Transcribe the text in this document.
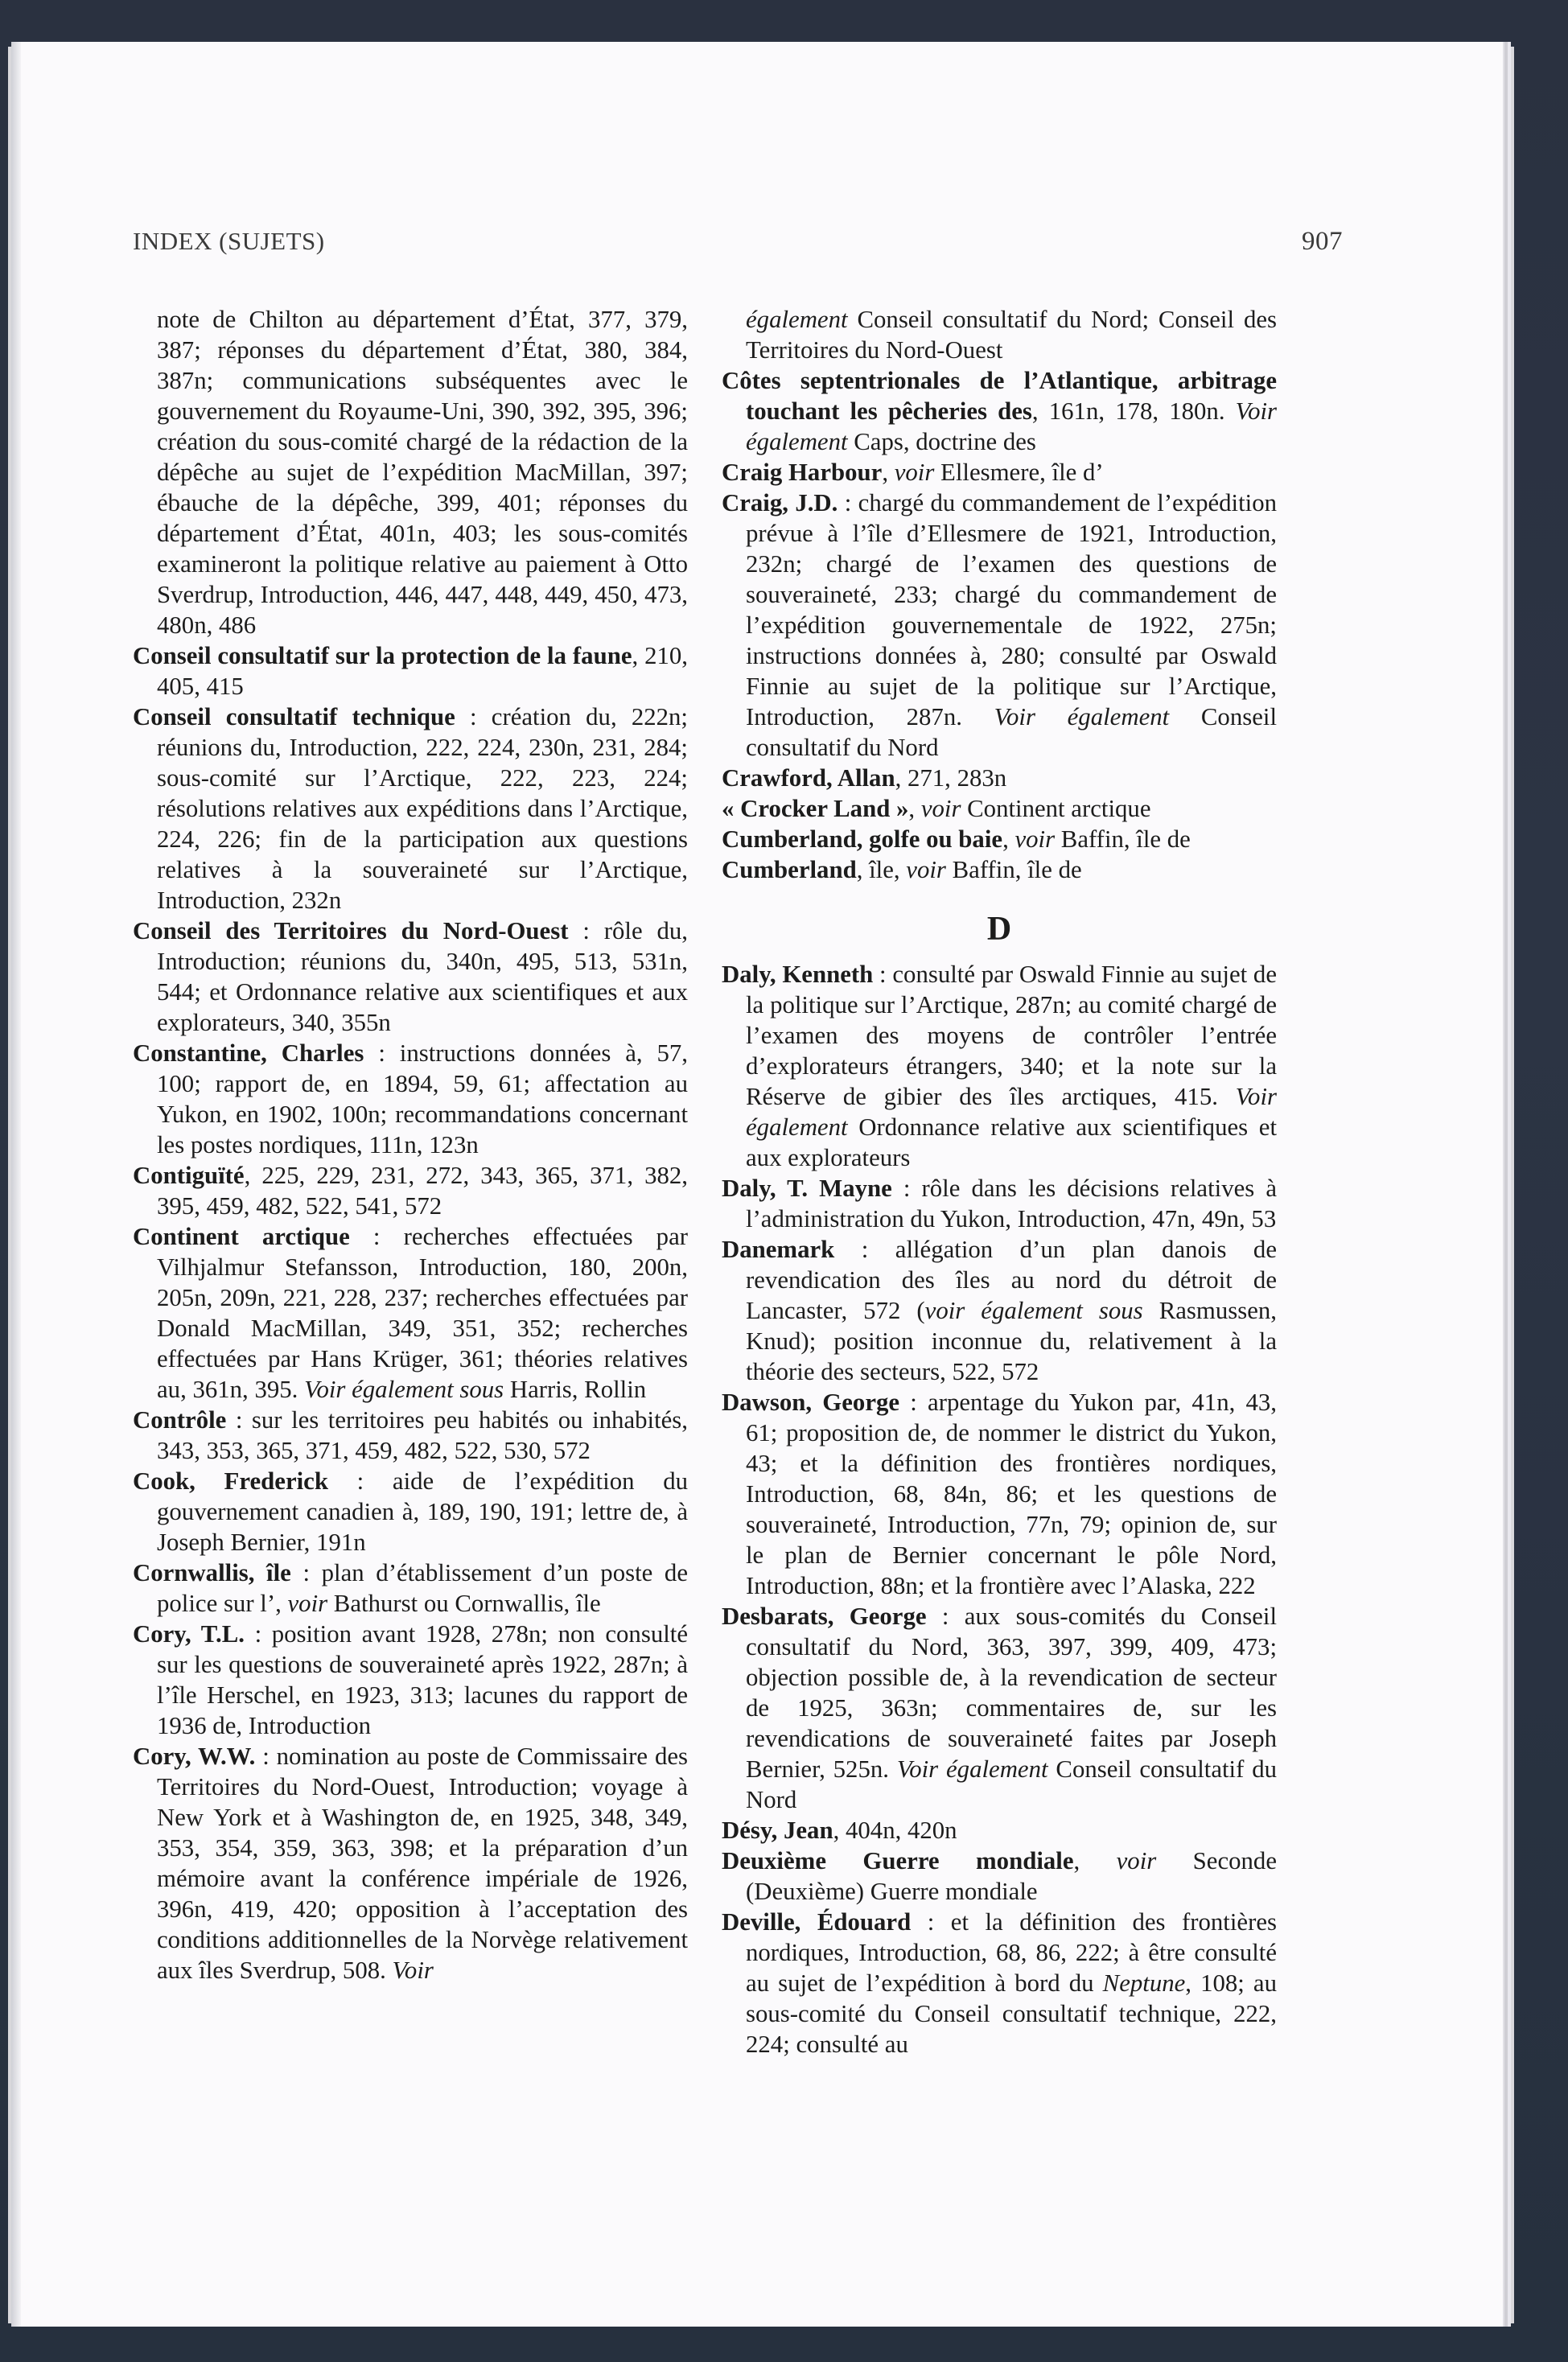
INDEX (SUJETS)	907
note de Chilton au département d’État, 377, 379, 387; réponses du département d’État, 380, 384, 387n; communications subséquentes avec le gouvernement du Royaume-Uni, 390, 392, 395, 396; création du sous-comité chargé de la rédaction de la dépêche au sujet de l’expédition MacMillan, 397; ébauche de la dépêche, 399, 401; réponses du département d’État, 401n, 403; les sous-comités examineront la politique relative au paiement à Otto Sverdrup, Introduction, 446, 447, 448, 449, 450, 473, 480n, 486
Conseil consultatif sur la protection de la faune, 210, 405, 415
Conseil consultatif technique : création du, 222n; réunions du, Introduction, 222, 224, 230n, 231, 284; sous-comité sur l’Arctique, 222, 223, 224; résolutions relatives aux expéditions dans l’Arctique, 224, 226; fin de la participation aux questions relatives à la souveraineté sur l’Arctique, Introduction, 232n
Conseil des Territoires du Nord-Ouest : rôle du, Introduction; réunions du, 340n, 495, 513, 531n, 544; et Ordonnance relative aux scientifiques et aux explorateurs, 340, 355n
Constantine, Charles : instructions données à, 57, 100; rapport de, en 1894, 59, 61; affectation au Yukon, en 1902, 100n; recommandations concernant les postes nordiques, 111n, 123n
Contiguïté, 225, 229, 231, 272, 343, 365, 371, 382, 395, 459, 482, 522, 541, 572
Continent arctique : recherches effectuées par Vilhjalmur Stefansson, Introduction, 180, 200n, 205n, 209n, 221, 228, 237; recherches effectuées par Donald MacMillan, 349, 351, 352; recherches effectuées par Hans Krüger, 361; théories relatives au, 361n, 395. Voir également sous Harris, Rollin
Contrôle : sur les territoires peu habités ou inhabités, 343, 353, 365, 371, 459, 482, 522, 530, 572
Cook, Frederick : aide de l’expédition du gouvernement canadien à, 189, 190, 191; lettre de, à Joseph Bernier, 191n
Cornwallis, île : plan d’établissement d’un poste de police sur l’, voir Bathurst ou Cornwallis, île
Cory, T.L. : position avant 1928, 278n; non consulté sur les questions de souveraineté après 1922, 287n; à l’île Herschel, en 1923, 313; lacunes du rapport de 1936 de, Introduction
Cory, W.W. : nomination au poste de Commissaire des Territoires du Nord-Ouest, Introduction; voyage à New York et à Washington de, en 1925, 348, 349, 353, 354, 359, 363, 398; et la préparation d’un mémoire avant la conférence impériale de 1926, 396n, 419, 420; opposition à l’acceptation des conditions additionnelles de la Norvège relativement aux îles Sverdrup, 508. Voir
également Conseil consultatif du Nord; Conseil des Territoires du Nord-Ouest
Côtes septentrionales de l’Atlantique, arbitrage touchant les pêcheries des, 161n, 178, 180n. Voir également Caps, doctrine des
Craig Harbour, voir Ellesmere, île d’
Craig, J.D. : chargé du commandement de l’expédition prévue à l’île d’Ellesmere de 1921, Introduction, 232n; chargé de l’examen des questions de souveraineté, 233; chargé du commandement de l’expédition gouvernementale de 1922, 275n; instructions données à, 280; consulté par Oswald Finnie au sujet de la politique sur l’Arctique, Introduction, 287n. Voir également Conseil consultatif du Nord
Crawford, Allan, 271, 283n
« Crocker Land », voir Continent arctique
Cumberland, golfe ou baie, voir Baffin, île de
Cumberland, île, voir Baffin, île de
D
Daly, Kenneth : consulté par Oswald Finnie au sujet de la politique sur l’Arctique, 287n; au comité chargé de l’examen des moyens de contrôler l’entrée d’explorateurs étrangers, 340; et la note sur la Réserve de gibier des îles arctiques, 415. Voir également Ordonnance relative aux scientifiques et aux explorateurs
Daly, T. Mayne : rôle dans les décisions relatives à l’administration du Yukon, Introduction, 47n, 49n, 53
Danemark : allégation d’un plan danois de revendication des îles au nord du détroit de Lancaster, 572 (voir également sous Rasmussen, Knud); position inconnue du, relativement à la théorie des secteurs, 522, 572
Dawson, George : arpentage du Yukon par, 41n, 43, 61; proposition de, de nommer le district du Yukon, 43; et la définition des frontières nordiques, Introduction, 68, 84n, 86; et les questions de souveraineté, Introduction, 77n, 79; opinion de, sur le plan de Bernier concernant le pôle Nord, Introduction, 88n; et la frontière avec l’Alaska, 222
Desbarats, George : aux sous-comités du Conseil consultatif du Nord, 363, 397, 399, 409, 473; objection possible de, à la revendication de secteur de 1925, 363n; commentaires de, sur les revendications de souveraineté faites par Joseph Bernier, 525n. Voir également Conseil consultatif du Nord
Désy, Jean, 404n, 420n
Deuxième Guerre mondiale, voir Seconde (Deuxième) Guerre mondiale
Deville, Édouard : et la définition des frontières nordiques, Introduction, 68, 86, 222; à être consulté au sujet de l’expédition à bord du Neptune, 108; au sous-comité du Conseil consultatif technique, 222, 224; consulté au
